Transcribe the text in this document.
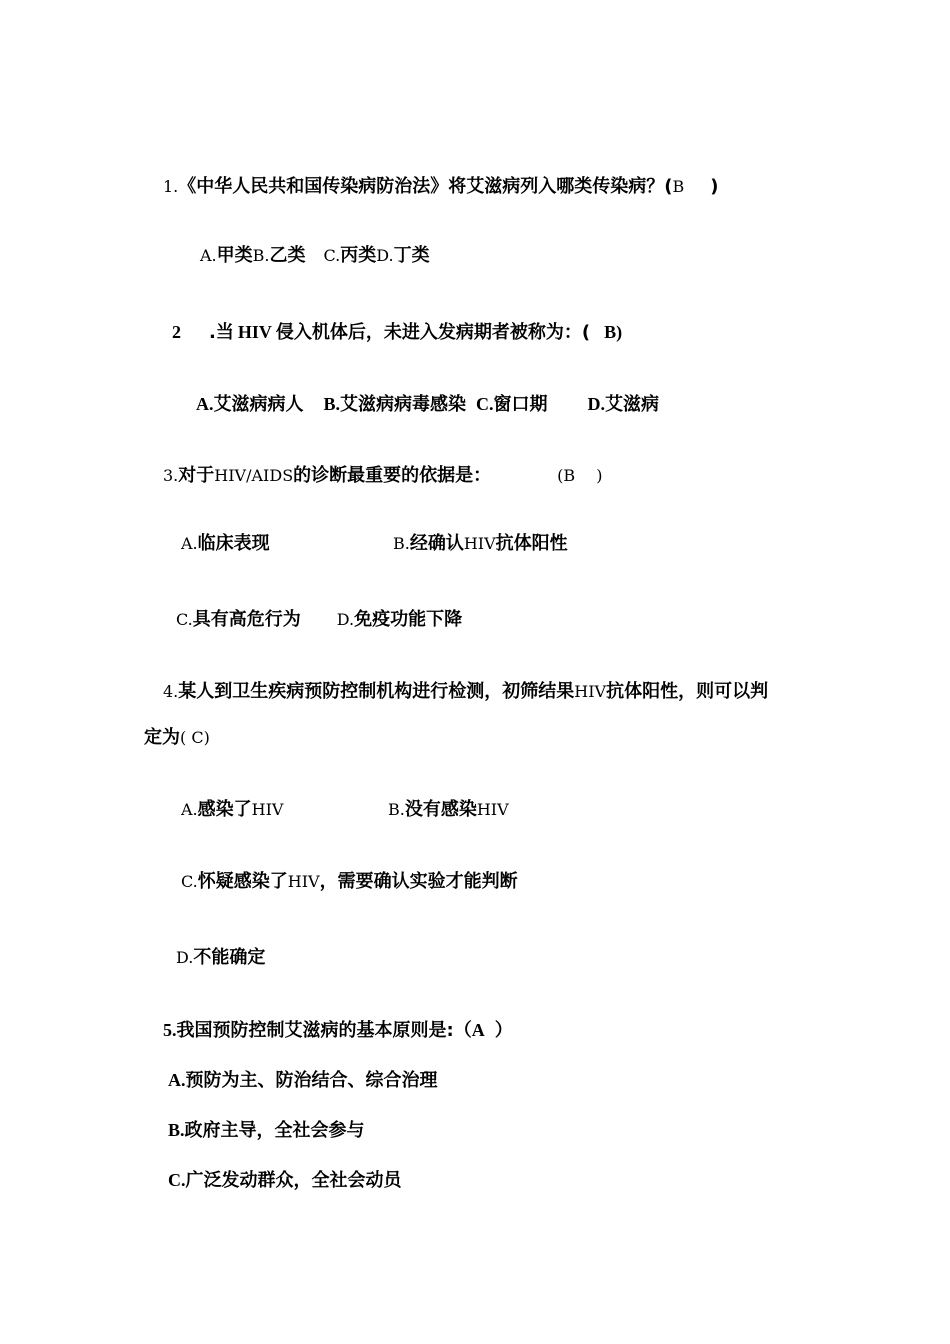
1.《中华人民共和国传染病防治法》将艾滋病列入哪类传染病？(B )
A.甲类B.乙类 C.丙类D.丁类
2 .当 HIV 侵入机体后，未进入发病期者被称为：( B)
A.艾滋病病人 B.艾滋病病毒感染 C.窗口期 D.艾滋病
3.对于HIV/AIDS的诊断最重要的依据是：	(B　 )
A.临床表现	B.经确认HIV抗体阳性
C.具有高危行为 D.免疫功能下降
4.某人到卫生疾病预防控制机构进行检测，初筛结果HIV抗体阳性，则可以判
定为( C)
A.感染了HIV	B.没有感染HIV
C.怀疑感染了HIV，需要确认实验才能判断
D.不能确定
5.我国预防控制艾滋病的基本原则是:（A ）
A.预防为主、防治结合、综合治理
B.政府主导，全社会参与
C.广泛发动群众，全社会动员
